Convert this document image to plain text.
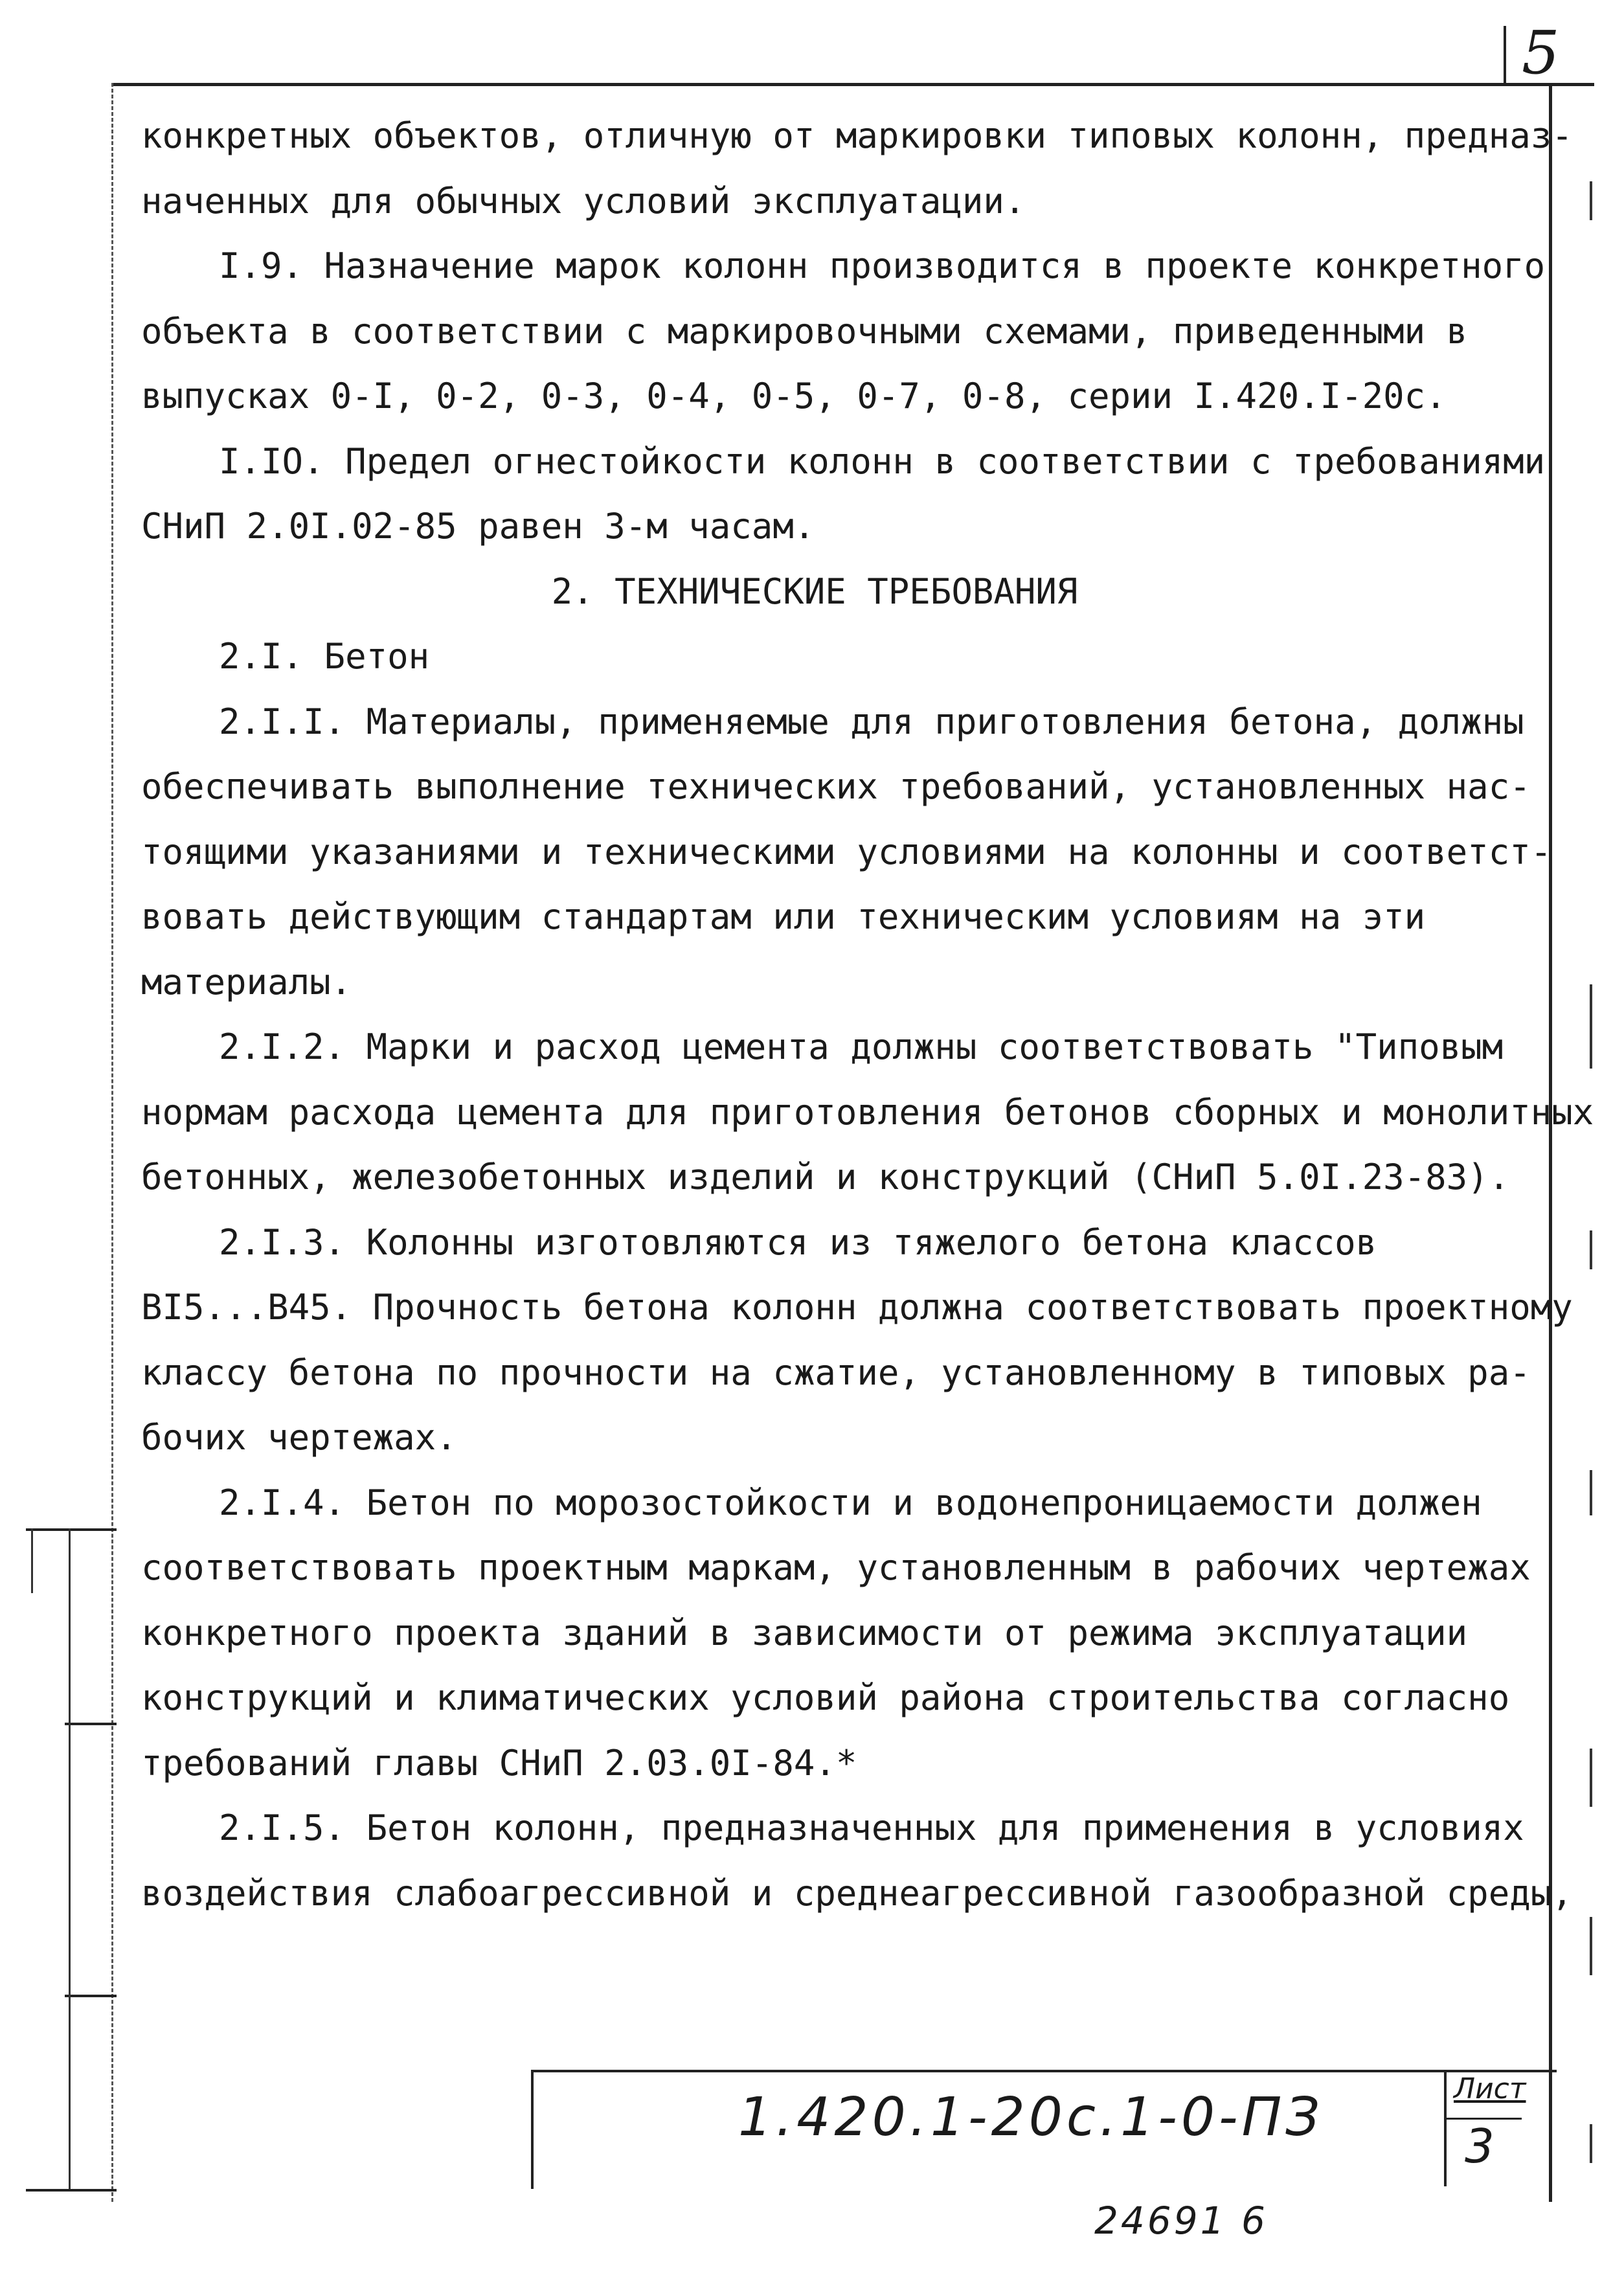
5

конкретных объектов, отличную от маркировки типовых колонн, предназ-

наченных для обычных условий эксплуатации.

I.9. Назначение марок колонн производится в проекте конкретного

объекта в соответствии с маркировочными схемами, приведенными в

выпусках 0-I, 0-2, 0-3, 0-4, 0-5, 0-7, 0-8, серии I.420.I-20с.

I.IO. Предел огнестойкости колонн в соответствии с требованиями

СНиП 2.0I.02-85 равен 3-м часам.

2. ТЕХНИЧЕСКИЕ ТРЕБОВАНИЯ

2.I. Бетон

2.I.I. Материалы, применяемые для приготовления бетона, должны

обеспечивать выполнение технических требований, установленных нас-

тоящими указаниями и техническими условиями на колонны и соответст-

вовать действующим стандартам или техническим условиям на эти

материалы.

2.I.2. Марки и расход цемента должны соответствовать "Типовым

нормам расхода цемента для приготовления бетонов сборных и монолитных

бетонных, железобетонных изделий и конструкций (СНиП 5.0I.23-83).

2.I.3. Колонны изготовляются из тяжелого бетона классов

BI5...B45. Прочность бетона колонн должна соответствовать проектному

классу бетона по прочности на сжатие, установленному в типовых ра-

бочих чертежах.

2.I.4. Бетон по морозостойкости и водонепроницаемости должен

соответствовать проектным маркам, установленным в рабочих чертежах

конкретного проекта зданий в зависимости от режима эксплуатации

конструкций и климатических условий района строительства согласно

требований главы СНиП 2.03.0I-84.*

2.I.5. Бетон колонн, предназначенных для применения в условиях

воздействия слабоагрессивной и среднеагрессивной газообразной среды,

1.420.1-20с.1-0-ПЗ	Лист
3
24691 6
